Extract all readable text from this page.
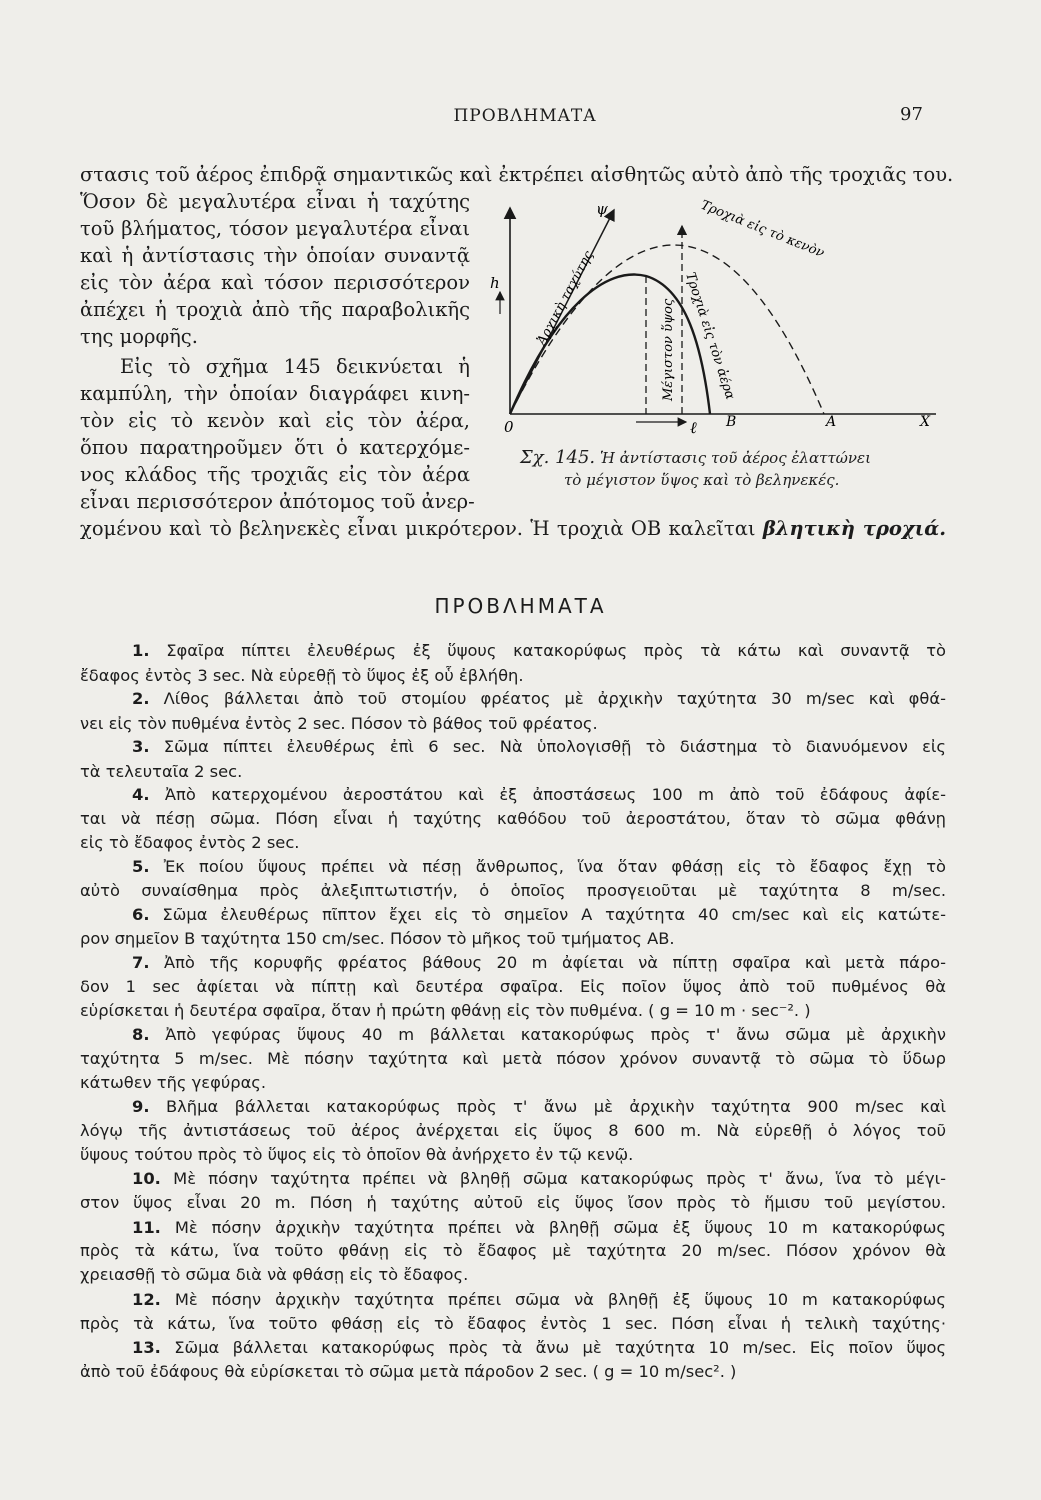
ΠΡΟΒΛΗΜΑΤΑ	97
στασις τοῦ ἀέρος ἐπιδρᾷ σημαντικῶς καὶ ἐκτρέπει αἰσθητῶς αὐτὸ ἀπὸ τῆς τροχιᾶς του.
Ὅσον δὲ μεγαλυτέρα εἶναι ἡ ταχύτης
τοῦ βλήματος, τόσον μεγαλυτέρα εἶναι
καὶ ἡ ἀντίστασις τὴν ὁποίαν συναντᾷ
εἰς τὸν ἀέρα καὶ τόσον περισσότερον
ἀπέχει ἡ τροχιὰ ἀπὸ τῆς παραβολικῆς
της μορφῆς.
Εἰς τὸ σχῆμα 145 δεικνύεται ἡ
καμπύλη, τὴν ὁποίαν διαγράφει κινη-
τὸν εἰς τὸ κενὸν καὶ εἰς τὸν ἀέρα,
ὅπου παρατηροῦμεν ὅτι ὁ κατερχόμε-
νος κλάδος τῆς τροχιᾶς εἰς τὸν ἀέρα
εἶναι περισσότερον ἀπότομος τοῦ ἀνερ-
χομένου καὶ τὸ βεληνεκὲς εἶναι μικρότερον. Ἡ τροχιὰ ΟΒ καλεῖται βλητικὴ τροχιά.
ψ
h
0	ℓ B	A	X
Ἀρχικὴ ταχύτης
Τροχιὰ εἰς τὸ κενὸν
Τροχιὰ εἰς τὸν ἀέρα
Μέγιστον ὕψος
Σχ. 145. Ἡ ἀντίστασις τοῦ ἀέρος ἐλαττώνει
τὸ μέγιστον ὕψος καὶ τὸ βεληνεκές.
ΠΡΟΒΛΗΜΑΤΑ
1. Σφαῖρα πίπτει ἐλευθέρως ἐξ ὕψους κατακορύφως πρὸς τὰ κάτω καὶ συναντᾷ τὸ
ἔδαφος ἐντὸς 3 sec. Νὰ εὑρεθῇ τὸ ὕψος ἐξ οὗ ἐβλήθη.
2. Λίθος βάλλεται ἀπὸ τοῦ στομίου φρέατος μὲ ἀρχικὴν ταχύτητα 30 m/sec καὶ φθά-
νει εἰς τὸν πυθμένα ἐντὸς 2 sec. Πόσον τὸ βάθος τοῦ φρέατος.
3. Σῶμα πίπτει ἐλευθέρως ἐπὶ 6 sec. Νὰ ὑπολογισθῇ τὸ διάστημα τὸ διανυόμενον εἰς
τὰ τελευταῖα 2 sec.
4. Ἀπὸ κατερχομένου ἀεροστάτου καὶ ἐξ ἀποστάσεως 100 m ἀπὸ τοῦ ἐδάφους ἀφίε-
ται νὰ πέσῃ σῶμα. Πόση εἶναι ἡ ταχύτης καθόδου τοῦ ἀεροστάτου, ὅταν τὸ σῶμα φθάνῃ
εἰς τὸ ἔδαφος ἐντὸς 2 sec.
5. Ἐκ ποίου ὕψους πρέπει νὰ πέσῃ ἄνθρωπος, ἵνα ὅταν φθάσῃ εἰς τὸ ἔδαφος ἔχῃ τὸ
αὐτὸ συναίσθημα πρὸς ἀλεξιπτωτιστήν, ὁ ὁποῖος προσγειοῦται μὲ ταχύτητα 8 m/sec.
6. Σῶμα ἐλευθέρως πῖπτον ἔχει εἰς τὸ σημεῖον Α ταχύτητα 40 cm/sec καὶ εἰς κατώτε-
ρον σημεῖον Β ταχύτητα 150 cm/sec. Πόσον τὸ μῆκος τοῦ τμήματος ΑΒ.
7. Ἀπὸ τῆς κορυφῆς φρέατος βάθους 20 m ἀφίεται νὰ πίπτῃ σφαῖρα καὶ μετὰ πάρο-
δον 1 sec ἀφίεται νὰ πίπτῃ καὶ δευτέρα σφαῖρα. Εἰς ποῖον ὕψος ἀπὸ τοῦ πυθμένος θὰ
εὑρίσκεται ἡ δευτέρα σφαῖρα, ὅταν ἡ πρώτη φθάνῃ εἰς τὸν πυθμένα. ( g = 10 m · sec⁻². )
8. Ἀπὸ γεφύρας ὕψους 40 m βάλλεται κατακορύφως πρὸς τ' ἄνω σῶμα μὲ ἀρχικὴν
ταχύτητα 5 m/sec. Μὲ πόσην ταχύτητα καὶ μετὰ πόσον χρόνον συναντᾷ τὸ σῶμα τὸ ὕδωρ
κάτωθεν τῆς γεφύρας.
9. Βλῆμα βάλλεται κατακορύφως πρὸς τ' ἄνω μὲ ἀρχικὴν ταχύτητα 900 m/sec καὶ
λόγῳ τῆς ἀντιστάσεως τοῦ ἀέρος ἀνέρχεται εἰς ὕψος 8 600 m. Νὰ εὑρεθῇ ὁ λόγος τοῦ
ὕψους τούτου πρὸς τὸ ὕψος εἰς τὸ ὁποῖον θὰ ἀνήρχετο ἐν τῷ κενῷ.
10. Μὲ πόσην ταχύτητα πρέπει νὰ βληθῇ σῶμα κατακορύφως πρὸς τ' ἄνω, ἵνα τὸ μέγι-
στον ὕψος εἶναι 20 m. Πόση ἡ ταχύτης αὐτοῦ εἰς ὕψος ἴσον πρὸς τὸ ἥμισυ τοῦ μεγίστου.
11. Μὲ πόσην ἀρχικὴν ταχύτητα πρέπει νὰ βληθῇ σῶμα ἐξ ὕψους 10 m κατακορύφως
πρὸς τὰ κάτω, ἵνα τοῦτο φθάνῃ εἰς τὸ ἔδαφος μὲ ταχύτητα 20 m/sec. Πόσον χρόνον θὰ
χρειασθῇ τὸ σῶμα διὰ νὰ φθάσῃ εἰς τὸ ἔδαφος.
12. Μὲ πόσην ἀρχικὴν ταχύτητα πρέπει σῶμα νὰ βληθῇ ἐξ ὕψους 10 m κατακορύφως
πρὸς τὰ κάτω, ἵνα τοῦτο φθάσῃ εἰς τὸ ἔδαφος ἐντὸς 1 sec. Πόση εἶναι ἡ τελικὴ ταχύτης·
13. Σῶμα βάλλεται κατακορύφως πρὸς τὰ ἄνω μὲ ταχύτητα 10 m/sec. Εἰς ποῖον ὕψος
ἀπὸ τοῦ ἐδάφους θὰ εὑρίσκεται τὸ σῶμα μετὰ πάροδον 2 sec. ( g = 10 m/sec². )
